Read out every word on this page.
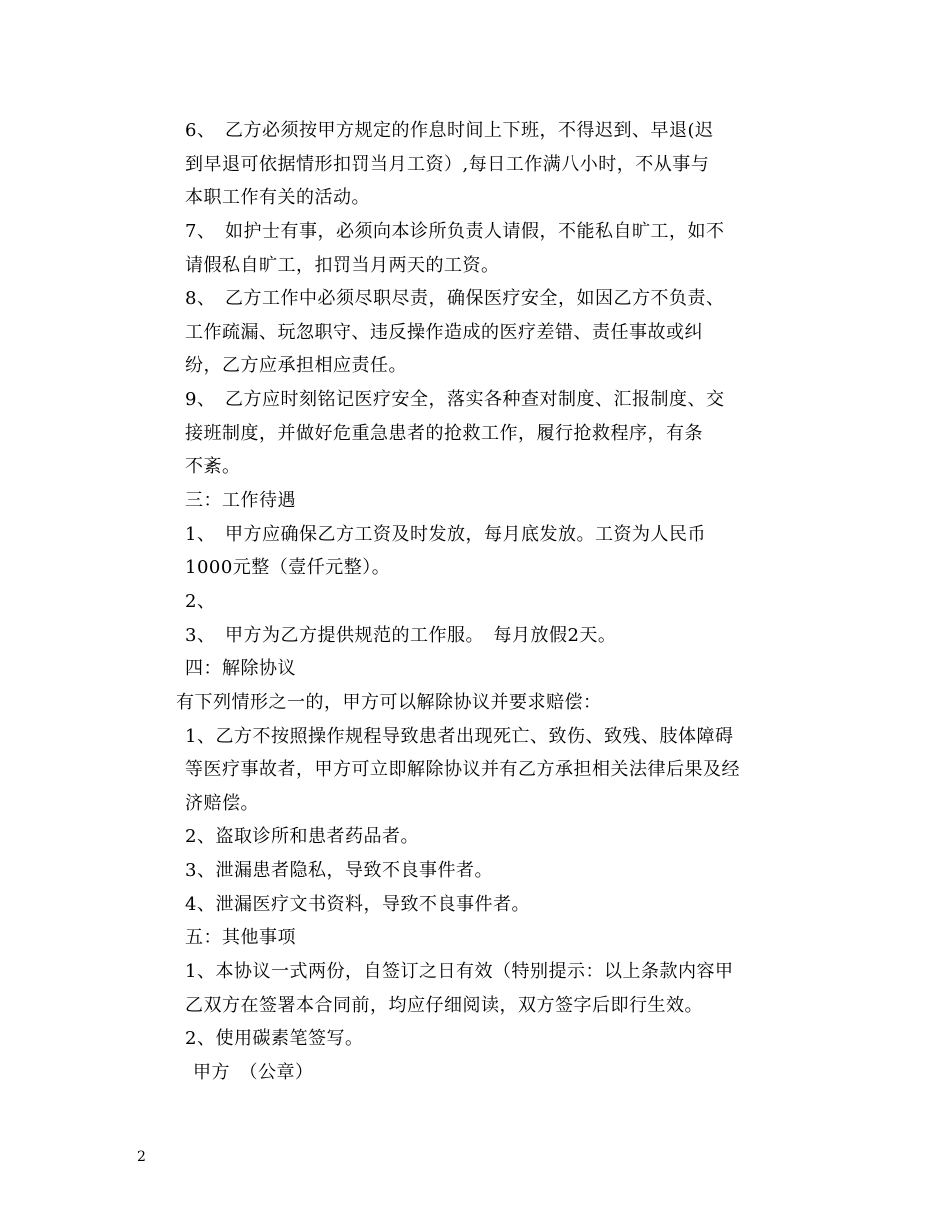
6、　乙方必须按甲方规定的作息时间上下班，不得迟到、早退(迟
到早退可依据情形扣罚当月工资）,每日工作满八小时，不从事与
本职工作有关的活动。
7、　如护士有事，必须向本诊所负责人请假，不能私自旷工，如不
请假私自旷工，扣罚当月两天的工资。
8、　乙方工作中必须尽职尽责，确保医疗安全，如因乙方不负责、
工作疏漏、玩忽职守、违反操作造成的医疗差错、责任事故或纠
纷，乙方应承担相应责任。
9、　乙方应时刻铭记医疗安全，落实各种查对制度、汇报制度、交
接班制度，并做好危重急患者的抢救工作，履行抢救程序，有条
不紊。
三：工作待遇
1、　甲方应确保乙方工资及时发放，每月底发放。工资为人民币
1000元整（壹仟元整）。
2、
3、　甲方为乙方提供规范的工作服。　每月放假2天。
四：解除协议
有下列情形之一的，甲方可以解除协议并要求赔偿：
1、乙方不按照操作规程导致患者出现死亡、致伤、致残、肢体障碍
等医疗事故者，甲方可立即解除协议并有乙方承担相关法律后果及经
济赔偿。
2、盗取诊所和患者药品者。
3、泄漏患者隐私，导致不良事件者。
4、泄漏医疗文书资料，导致不良事件者。
五：其他事项
1、本协议一式两份，自签订之日有效（特别提示：以上条款内容甲
乙双方在签署本合同前，均应仔细阅读，双方签字后即行生效。
2、使用碳素笔签写。
甲方　（公章）
2
